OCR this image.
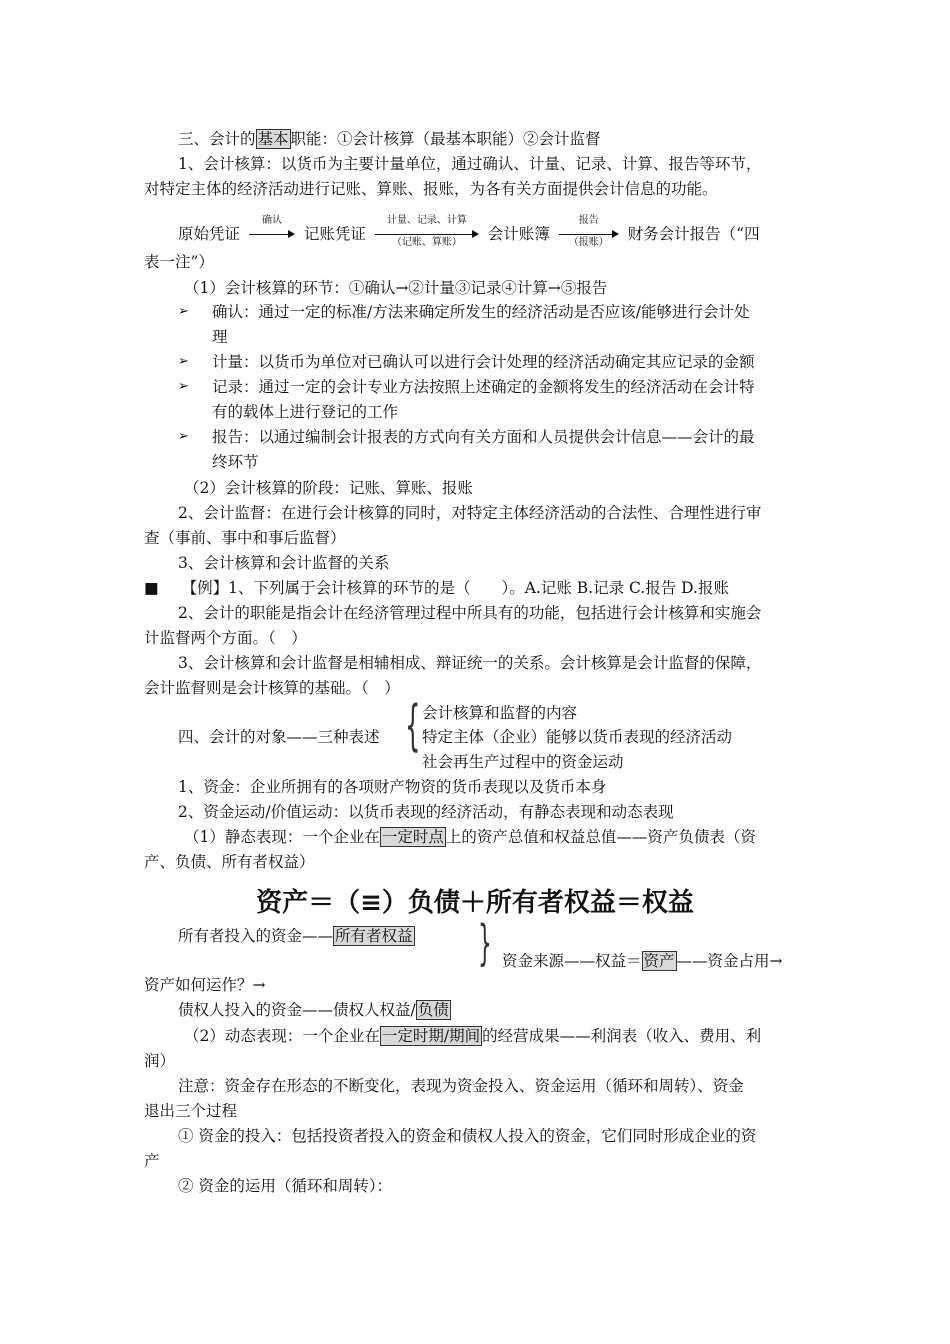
三、会计的 基本 职能：①会计核算（最基本职能）②会计监督
1、会计核算：以货币为主要计量单位，通过确认、计量、记录、计算、报告等环节，
对特定主体的经济活动进行记账、算账、报账，为各有关方面提供会计信息的功能。
原始凭证
确认
记账凭证
计量、记录、计算
（记账、算账）	会计账簿
报告
（报账）	财务会计报告（“四
表一注”）
（1）会计核算的环节：①确认→②计量③记录④计算→⑤报告
➢ 确认：通过一定的标准/方法来确定所发生的经济活动是否应该/能够进行会计处
理
➢ 计量：以货币为单位对已确认可以进行会计处理的经济活动确定其应记录的金额
➢ 记录：通过一定的会计专业方法按照上述确定的金额将发生的经济活动在会计特
有的载体上进行登记的工作
➢ 报告：以通过编制会计报表的方式向有关方面和人员提供会计信息——会计的最
终环节
（2）会计核算的阶段：记账、算账、报账
2、会计监督：在进行会计核算的同时，对特定主体经济活动的合法性、合理性进行审
查（事前、事中和事后监督）
3、会计核算和会计监督的关系
■ 【例】1、下列属于会计核算的环节的是（　　）。A.记账 B.记录 C.报告 D.报账
2、会计的职能是指会计在经济管理过程中所具有的功能，包括进行会计核算和实施会
计监督两个方面。（　）
3、会计核算和会计监督是相辅相成、辩证统一的关系。会计核算是会计监督的保障，
会计监督则是会计核算的基础。（　）
四、会计的对象——三种表述 { 会计核算和监督的内容
特定主体（企业）能够以货币表现的经济活动
社会再生产过程中的资金运动
1、资金：企业所拥有的各项财产物资的货币表现以及货币本身
2、资金运动/价值运动：以货币表现的经济活动，有静态表现和动态表现
（1）静态表现：一个企业在 一定时点 上的资产总值和权益总值——资产负债表（资
产、负债、所有者权益）
资产＝（≡）负债＋所有者权益＝权益
所有者投入的资金—— 所有者权益 } 资金来源——权益＝ 资产 ——资金占用→
资产如何运作？→
债权人投入的资金——债权人权益/ 负债
（2）动态表现：一个企业在 一定时期/期间 的经营成果——利润表（收入、费用、利
润）
注意：资金存在形态的不断变化，表现为资金投入、资金运用（循环和周转）、资金
退出三个过程
① 资金的投入：包括投资者投入的资金和债权人投入的资金，它们同时形成企业的资
产
② 资金的运用（循环和周转）：
